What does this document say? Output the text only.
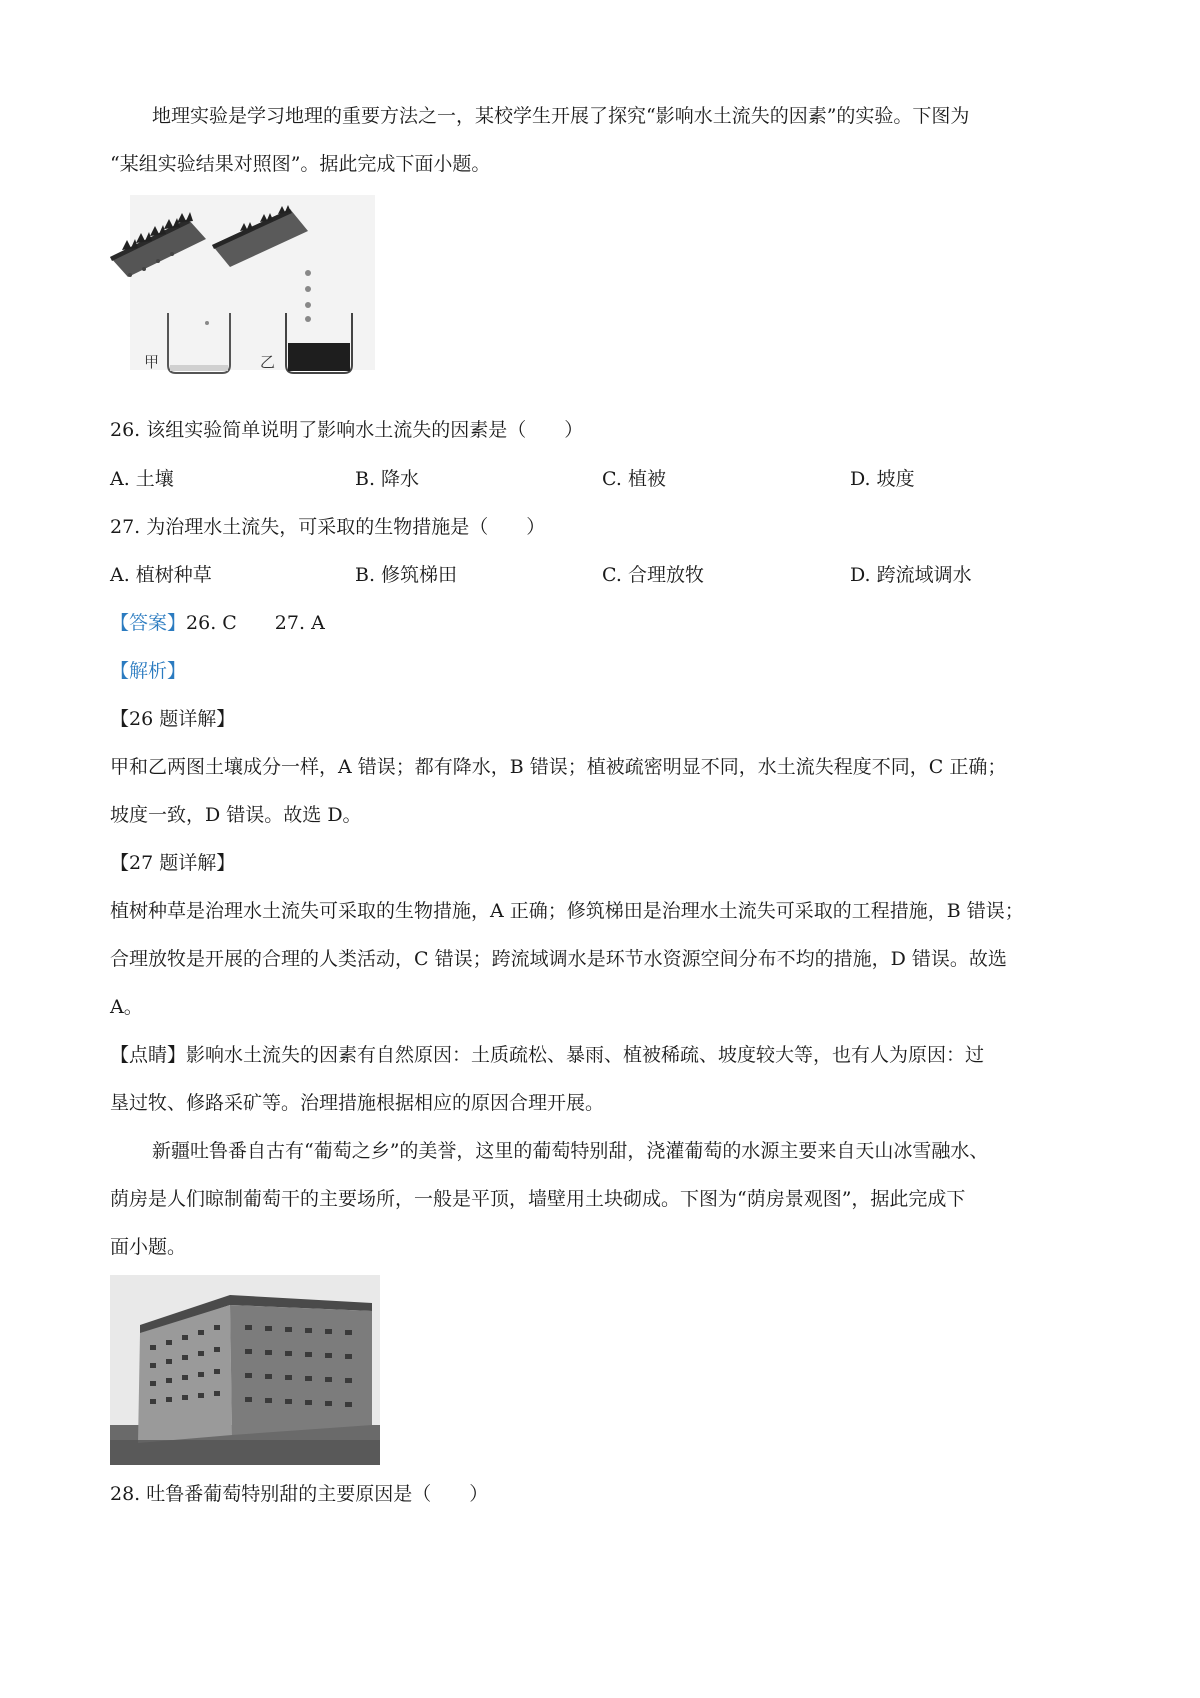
地理实验是学习地理的重要方法之一，某校学生开展了探究“影响水土流失的因素”的实验。下图为
“某组实验结果对照图”。据此完成下面小题。
甲	乙
26. 该组实验简单说明了影响水土流失的因素是（　　）
A. 土壤	B. 降水	C. 植被	D. 坡度
27. 为治理水土流失，可采取的生物措施是（　　）
A. 植树种草	B. 修筑梯田	C. 合理放牧	D. 跨流域调水
【答案】26. C　　27. A
【解析】
【26 题详解】
甲和乙两图土壤成分一样，A 错误；都有降水，B 错误；植被疏密明显不同，水土流失程度不同，C 正确；
坡度一致，D 错误。故选 D。
【27 题详解】
植树种草是治理水土流失可采取的生物措施，A 正确；修筑梯田是治理水土流失可采取的工程措施，B 错误；
合理放牧是开展的合理的人类活动，C 错误；跨流域调水是环节水资源空间分布不均的措施，D 错误。故选
A。
【点睛】影响水土流失的因素有自然原因：土质疏松、暴雨、植被稀疏、坡度较大等，也有人为原因：过
垦过牧、修路采矿等。治理措施根据相应的原因合理开展。
新疆吐鲁番自古有“葡萄之乡”的美誉，这里的葡萄特别甜，浇灌葡萄的水源主要来自天山冰雪融水、
荫房是人们晾制葡萄干的主要场所，一般是平顶，墙壁用土块砌成。下图为“荫房景观图”，据此完成下
面小题。
28. 吐鲁番葡萄特别甜的主要原因是（　　）
